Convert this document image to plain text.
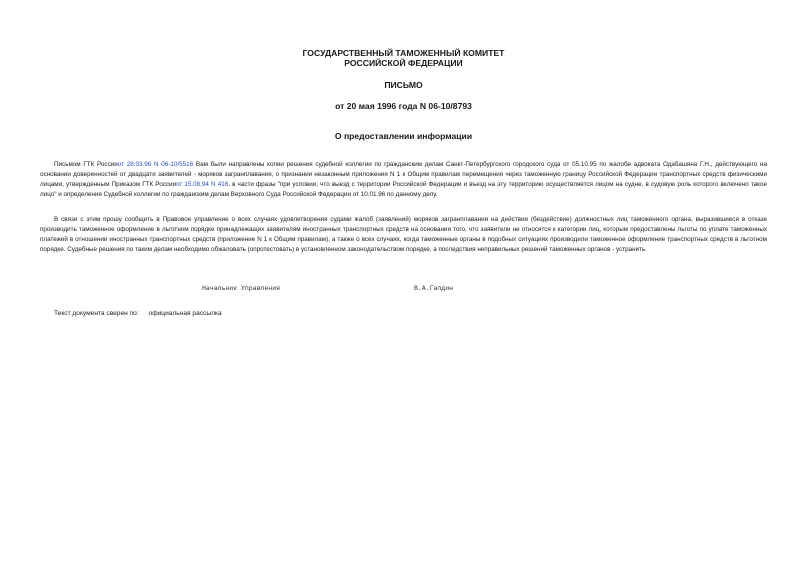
ГОСУДАРСТВЕННЫЙ ТАМОЖЕННЫЙ КОМИТЕТ
РОССИЙСКОЙ ФЕДЕРАЦИИ
ПИСЬМО
от 20 мая 1996 года N 06-10/8793
О предоставлении информации
Письмом ГТК Россииот 28.03.96 N 06-10/5516 Вам были направлены копии решения судебной коллегии по гражданским делам Санкт-Петербургского городского суда от 05.10.95 по жалобе адвоката Одабашяна Г.Н., действующего на основании доверенностей от двадцати заявителей - моряков загранплавания, о признании незаконным приложения N 1 к Общим правилам перемещения через таможенную границу Российской Федерации транспортных средств физическими лицами, утвержденным Приказом ГТК Россииот 15.08.94 N 416, в части фразы "при условии, что выезд с территории Российской Федерации и въезд на эту территорию осуществляется лицом на судне, в судовую роль которого включено такое лицо" и определения Судебной коллегии по гражданским делам Верховного Суда Российской Федерации от 10.01.96 по данному делу.
В связи с этим прошу сообщить в Правовое управление о всех случаях удовлетворения судами жалоб (заявлений) моряков загранплавания на действия (бездействие) должностных лиц таможенного органа, выразившиеся в отказе производить таможенное оформление в льготном порядке принадлежащих заявителям иностранных транспортных средств на основании того, что заявители не относятся к категории лиц, которым предоставлены льготы по уплате таможенных платежей в отношении иностранных транспортных средств (приложение N 1 к Общим правилам), а также о всех случаях, когда таможенные органы в подобных ситуациях производили таможенное оформление транспортных средств в льготном порядке. Судебные решения по таким делам необходимо обжаловать (опротестовать) в установленном законодательством порядке, а последствия неправильных решений таможенных органов - устранить.
Начальник Управления	В.А.Галдин
Текст документа сверен по: официальная рассылка
